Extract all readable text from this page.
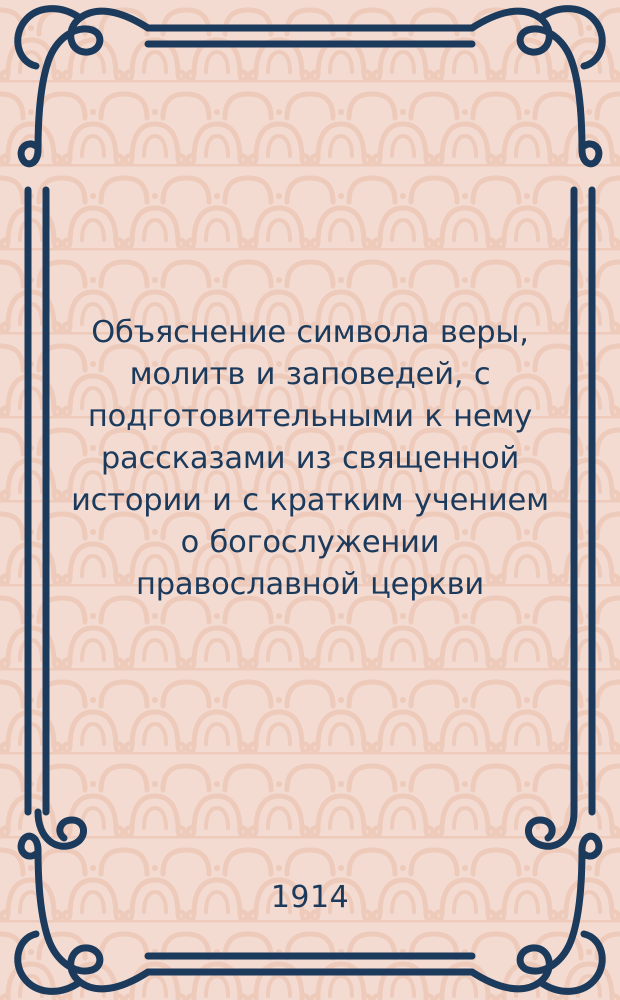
Объяснение символа веры, молитв и заповедей, с подготовительными к нему рассказами из священной истории и с кратким учением о богослужении православной церкви
1914
